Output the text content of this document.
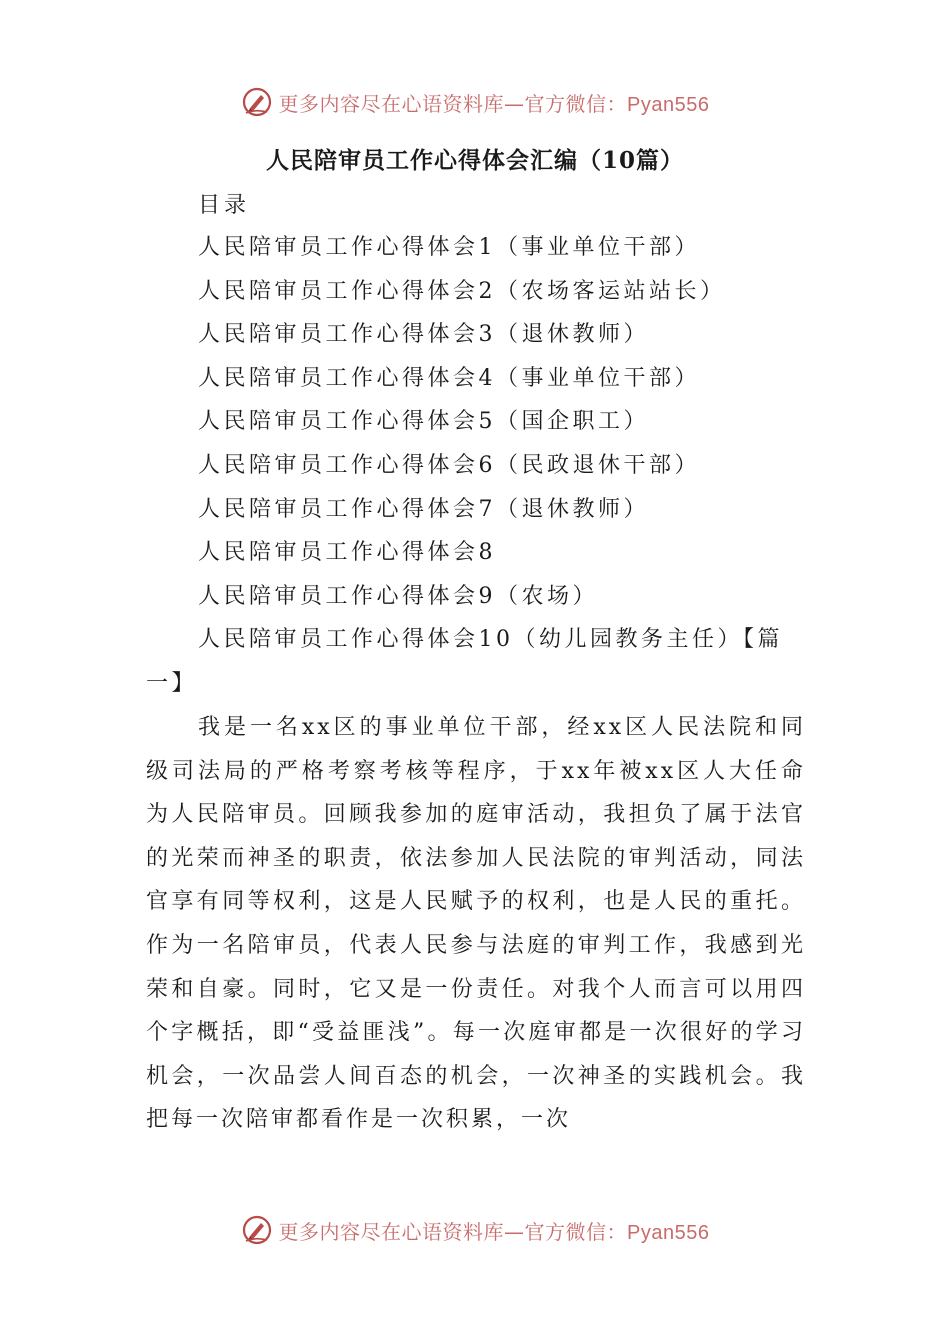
更多内容尽在心语资料库—官方微信：Pyan556
人民陪审员工作心得体会汇编（10篇）

目录

人民陪审员工作心得体会1（事业单位干部）
人民陪审员工作心得体会2（农场客运站站长）
人民陪审员工作心得体会3（退休教师）
人民陪审员工作心得体会4（事业单位干部）
人民陪审员工作心得体会5（国企职工）
人民陪审员工作心得体会6（民政退休干部）
人民陪审员工作心得体会7（退休教师）
人民陪审员工作心得体会8
人民陪审员工作心得体会9（农场）

人民陪审员工作心得体会10（幼儿园教务主任）【篇一】

我是一名xx区的事业单位干部，经xx区人民法院和同级司法局的严格考察考核等程序，于xx年被xx区人大任命为人民陪审员。回顾我参加的庭审活动，我担负了属于法官的光荣而神圣的职责，依法参加人民法院的审判活动，同法官享有同等权利，这是人民赋予的权利，也是人民的重托。作为一名陪审员，代表人民参与法庭的审判工作，我感到光荣和自豪。同时，它又是一份责任。对我个人而言可以用四个字概括，即“受益匪浅”。每一次庭审都是一次很好的学习机会，一次品尝人间百态的机会，一次神圣的实践机会。我把每一次陪审都看作是一次积累，一次

更多内容尽在心语资料库—官方微信：Pyan556
